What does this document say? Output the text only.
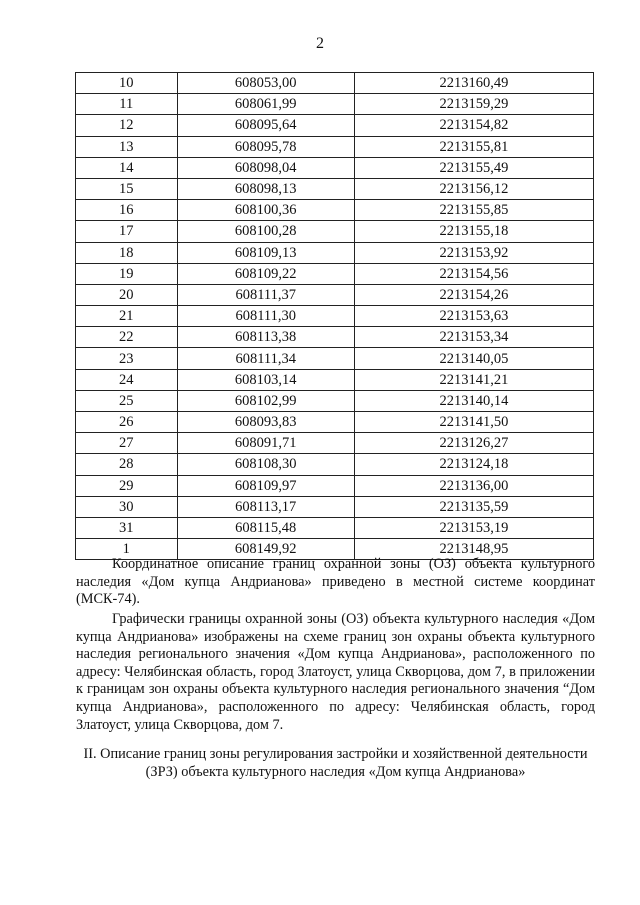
2
10	608053,00	2213160,49
11	608061,99	2213159,29
12	608095,64	2213154,82
13	608095,78	2213155,81
14	608098,04	2213155,49
15	608098,13	2213156,12
16	608100,36	2213155,85
17	608100,28	2213155,18
18	608109,13	2213153,92
19	608109,22	2213154,56
20	608111,37	2213154,26
21	608111,30	2213153,63
22	608113,38	2213153,34
23	608111,34	2213140,05
24	608103,14	2213141,21
25	608102,99	2213140,14
26	608093,83	2213141,50
27	608091,71	2213126,27
28	608108,30	2213124,18
29	608109,97	2213136,00
30	608113,17	2213135,59
31	608115,48	2213153,19
1	608149,92	2213148,95

Координатное описание границ охранной зоны (ОЗ) объекта культурного наследия «Дом купца Андрианова» приведено в местной системе координат (МСК-74).

Графически границы охранной зоны (ОЗ) объекта культурного наследия «Дом купца Андрианова» изображены на схеме границ зон охраны объекта культурного наследия регионального значения «Дом купца Андрианова», расположенного по адресу: Челябинская область, город Златоуст, улица Скворцова, дом 7, в приложении к границам зон охраны объекта культурного наследия регионального значения “Дом купца Андрианова», расположенного по адресу: Челябинская область, город Златоуст, улица Скворцова, дом 7.

II. Описание границ зоны регулирования застройки и хозяйственной деятельности (ЗРЗ) объекта культурного наследия «Дом купца Андрианова»
